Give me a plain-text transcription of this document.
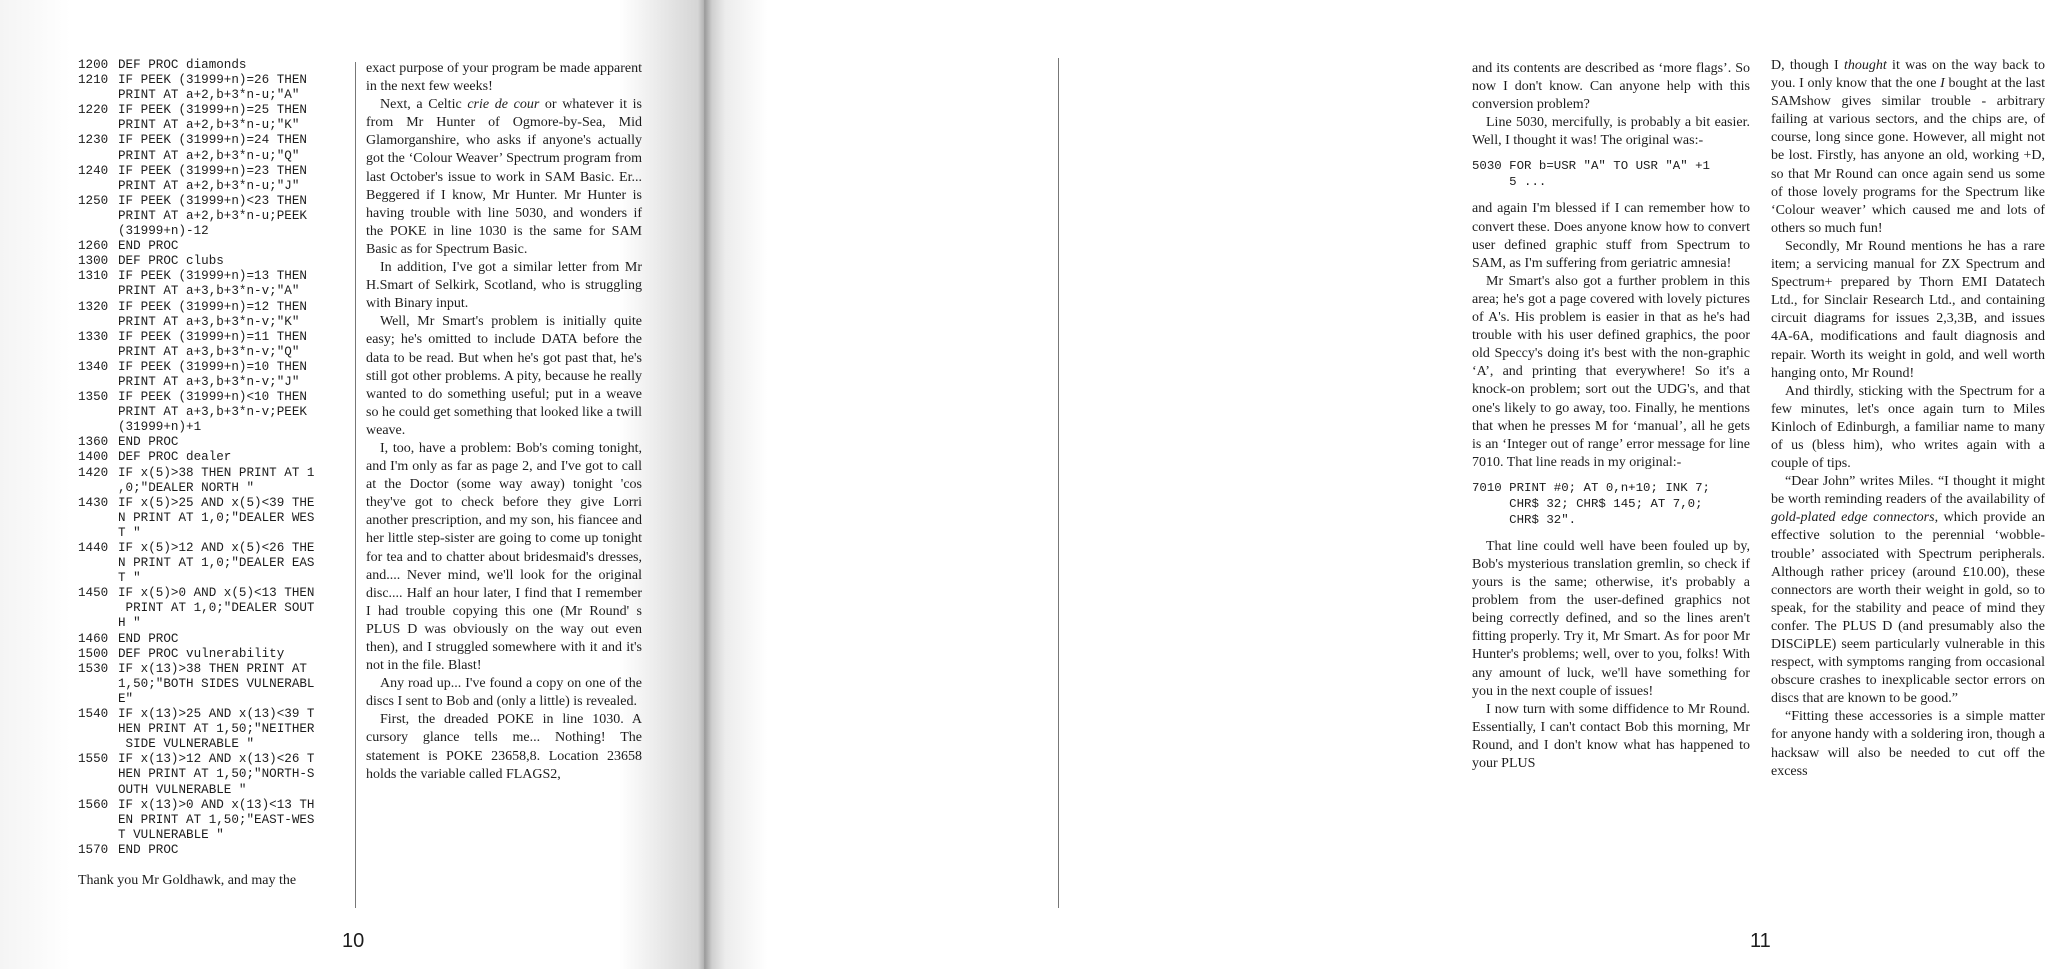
1200 DEF PROC diamonds
1210 IF PEEK (31999+n)=26 THEN
PRINT AT a+2,b+3*n-u;"A"
1220 IF PEEK (31999+n)=25 THEN
PRINT AT a+2,b+3*n-u;"K"
1230 IF PEEK (31999+n)=24 THEN
PRINT AT a+2,b+3*n-u;"Q"
1240 IF PEEK (31999+n)=23 THEN
PRINT AT a+2,b+3*n-u;"J"
1250 IF PEEK (31999+n)<23 THEN
PRINT AT a+2,b+3*n-u;PEEK
(31999+n)-12
1260 END PROC
1300 DEF PROC clubs
1310 IF PEEK (31999+n)=13 THEN
PRINT AT a+3,b+3*n-v;"A"
1320 IF PEEK (31999+n)=12 THEN
PRINT AT a+3,b+3*n-v;"K"
1330 IF PEEK (31999+n)=11 THEN
PRINT AT a+3,b+3*n-v;"Q"
1340 IF PEEK (31999+n)=10 THEN
PRINT AT a+3,b+3*n-v;"J"
1350 IF PEEK (31999+n)<10 THEN
PRINT AT a+3,b+3*n-v;PEEK
(31999+n)+1
1360 END PROC
1400 DEF PROC dealer
1420 IF x(5)>38 THEN PRINT AT 1
,0;"DEALER NORTH "
1430 IF x(5)>25 AND x(5)<39 THE
N PRINT AT 1,0;"DEALER WES
T "
1440 IF x(5)>12 AND x(5)<26 THE
N PRINT AT 1,0;"DEALER EAS
T "
1450 IF x(5)>0 AND x(5)<13 THEN
PRINT AT 1,0;"DEALER SOUT
H "
1460 END PROC
1500 DEF PROC vulnerability
1530 IF x(13)>38 THEN PRINT AT
1,50;"BOTH SIDES VULNERABL
E"
1540 IF x(13)>25 AND x(13)<39 T
HEN PRINT AT 1,50;"NEITHER
SIDE VULNERABLE "
1550 IF x(13)>12 AND x(13)<26 T
HEN PRINT AT 1,50;"NORTH-S
OUTH VULNERABLE "
1560 IF x(13)>0 AND x(13)<13 TH
EN PRINT AT 1,50;"EAST-WES
T VULNERABLE "
1570 END PROC
Thank you Mr Goldhawk, and may the

exact purpose of your program be made apparent in the next few weeks!

Next, a Celtic crie de cour or whatever it is from Mr Hunter of Ogmore-by-Sea, Mid Glamorganshire, who asks if anyone's actually got the ‘Colour Weaver’ Spectrum program from last October's issue to work in SAM Basic. Er... Beggered if I know, Mr Hunter. Mr Hunter is having trouble with line 5030, and wonders if the POKE in line 1030 is the same for SAM Basic as for Spectrum Basic.

In addition, I've got a similar letter from Mr H.Smart of Selkirk, Scotland, who is struggling with Binary input.

Well, Mr Smart's problem is initially quite easy; he's omitted to include DATA before the data to be read. But when he's got past that, he's still got other problems. A pity, because he really wanted to do something useful; put in a weave so he could get something that looked like a twill weave.

I, too, have a problem: Bob's coming tonight, and I'm only as far as page 2, and I've got to call at the Doctor (some way away) tonight 'cos they've got to check before they give Lorri another prescription, and my son, his fiancee and her little step-sister are going to come up tonight for tea and to chatter about bridesmaid's dresses, and.... Never mind, we'll look for the original disc.... Half an hour later, I find that I remember I had trouble copying this one (Mr Round' s PLUS D was obviously on the way out even then), and I struggled somewhere with it and it's not in the file. Blast!

Any road up... I've found a copy on one of the discs I sent to Bob and (only a little) is revealed.

First, the dreaded POKE in line 1030. A cursory glance tells me... Nothing! The statement is POKE 23658,8. Location 23658 holds the variable called FLAGS2,

10

and its contents are described as ‘more flags’. So now I don't know. Can anyone help with this conversion problem?

Line 5030, mercifully, is probably a bit easier. Well, I thought it was! The original was:-

5030 FOR b=USR "A" TO USR "A" +1
5 ...

and again I'm blessed if I can remember how to convert these. Does anyone know how to convert user defined graphic stuff from Spectrum to SAM, as I'm suffering from geriatric amnesia!

Mr Smart's also got a further problem in this area; he's got a page covered with lovely pictures of A's. His problem is easier in that as he's had trouble with his user defined graphics, the poor old Speccy's doing it's best with the non-graphic ‘A’, and printing that everywhere! So it's a knock-on problem; sort out the UDG's, and that one's likely to go away, too. Finally, he mentions that when he presses M for ‘manual’, all he gets is an ‘Integer out of range’ error message for line 7010. That line reads in my original:-

7010 PRINT #0; AT 0,n+10; INK 7;
CHR$ 32; CHR$ 145; AT 7,0;
CHR$ 32".

That line could well have been fouled up by, Bob's mysterious translation gremlin, so check if yours is the same; otherwise, it's probably a problem from the user-defined graphics not being correctly defined, and so the lines aren't fitting properly. Try it, Mr Smart. As for poor Mr Hunter's problems; well, over to you, folks! With any amount of luck, we'll have something for you in the next couple of issues!

I now turn with some diffidence to Mr Round. Essentially, I can't contact Bob this morning, Mr Round, and I don't know what has happened to your PLUS

D, though I thought it was on the way back to you. I only know that the one I bought at the last SAMshow gives similar trouble - arbitrary failing at various sectors, and the chips are, of course, long since gone. However, all might not be lost. Firstly, has anyone an old, working +D, so that Mr Round can once again send us some of those lovely programs for the Spectrum like ‘Colour weaver’ which caused me and lots of others so much fun!

Secondly, Mr Round mentions he has a rare item; a servicing manual for ZX Spectrum and Spectrum+ prepared by Thorn EMI Datatech Ltd., for Sinclair Research Ltd., and containing circuit diagrams for issues 2,3,3B, and issues 4A-6A, modifications and fault diagnosis and repair. Worth its weight in gold, and well worth hanging onto, Mr Round!

And thirdly, sticking with the Spectrum for a few minutes, let's once again turn to Miles Kinloch of Edinburgh, a familiar name to many of us (bless him), who writes again with a couple of tips.

“Dear John” writes Miles. “I thought it might be worth reminding readers of the availability of gold-plated edge connectors, which provide an effective solution to the perennial ‘wobble-trouble’ associated with Spectrum peripherals. Although rather pricey (around £10.00), these connectors are worth their weight in gold, so to speak, for the stability and peace of mind they confer. The PLUS D (and presumably also the DISCiPLE) seem particularly vulnerable in this respect, with symptoms ranging from occasional obscure crashes to inexplicable sector errors on discs that are known to be good.”

“Fitting these accessories is a simple matter for anyone handy with a soldering iron, though a hacksaw will also be needed to cut off the excess

11
